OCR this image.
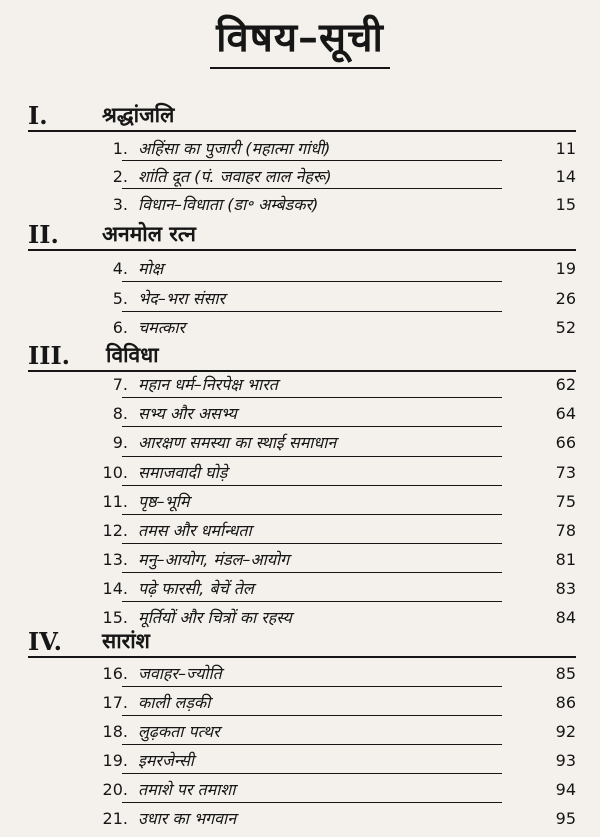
विषय–सूची
I.	श्रद्धांजलि
1. अहिंसा का पुजारी (महात्मा गांधी)	11
2. शांति दूत (पं. जवाहर लाल नेहरू)	14
3. विधान–विधाता (डा॰ अम्बेडकर)	15
II.	अनमोल रत्न
4. मोक्ष	19
5. भेद–भरा संसार	26
6. चमत्कार	52
III.	विविधा
7. महान धर्म–निरपेक्ष भारत	62
8. सभ्य और असभ्य	64
9. आरक्षण समस्या का स्थाई समाधान	66
10. समाजवादी घोड़े	73
11. पृष्ठ–भूमि	75
12. तमस और धर्मान्धता	78
13. मनु–आयोग, मंडल–आयोग	81
14. पढ़े फारसी, बेचें तेल	83
15. मूर्तियों और चित्रों का रहस्य	84
IV.	सारांश
16. जवाहर–ज्योति	85
17. काली लड़की	86
18. लुढ़कता पत्थर	92
19. इमरजेन्सी	93
20. तमाशे पर तमाशा	94
21. उधार का भगवान	95
